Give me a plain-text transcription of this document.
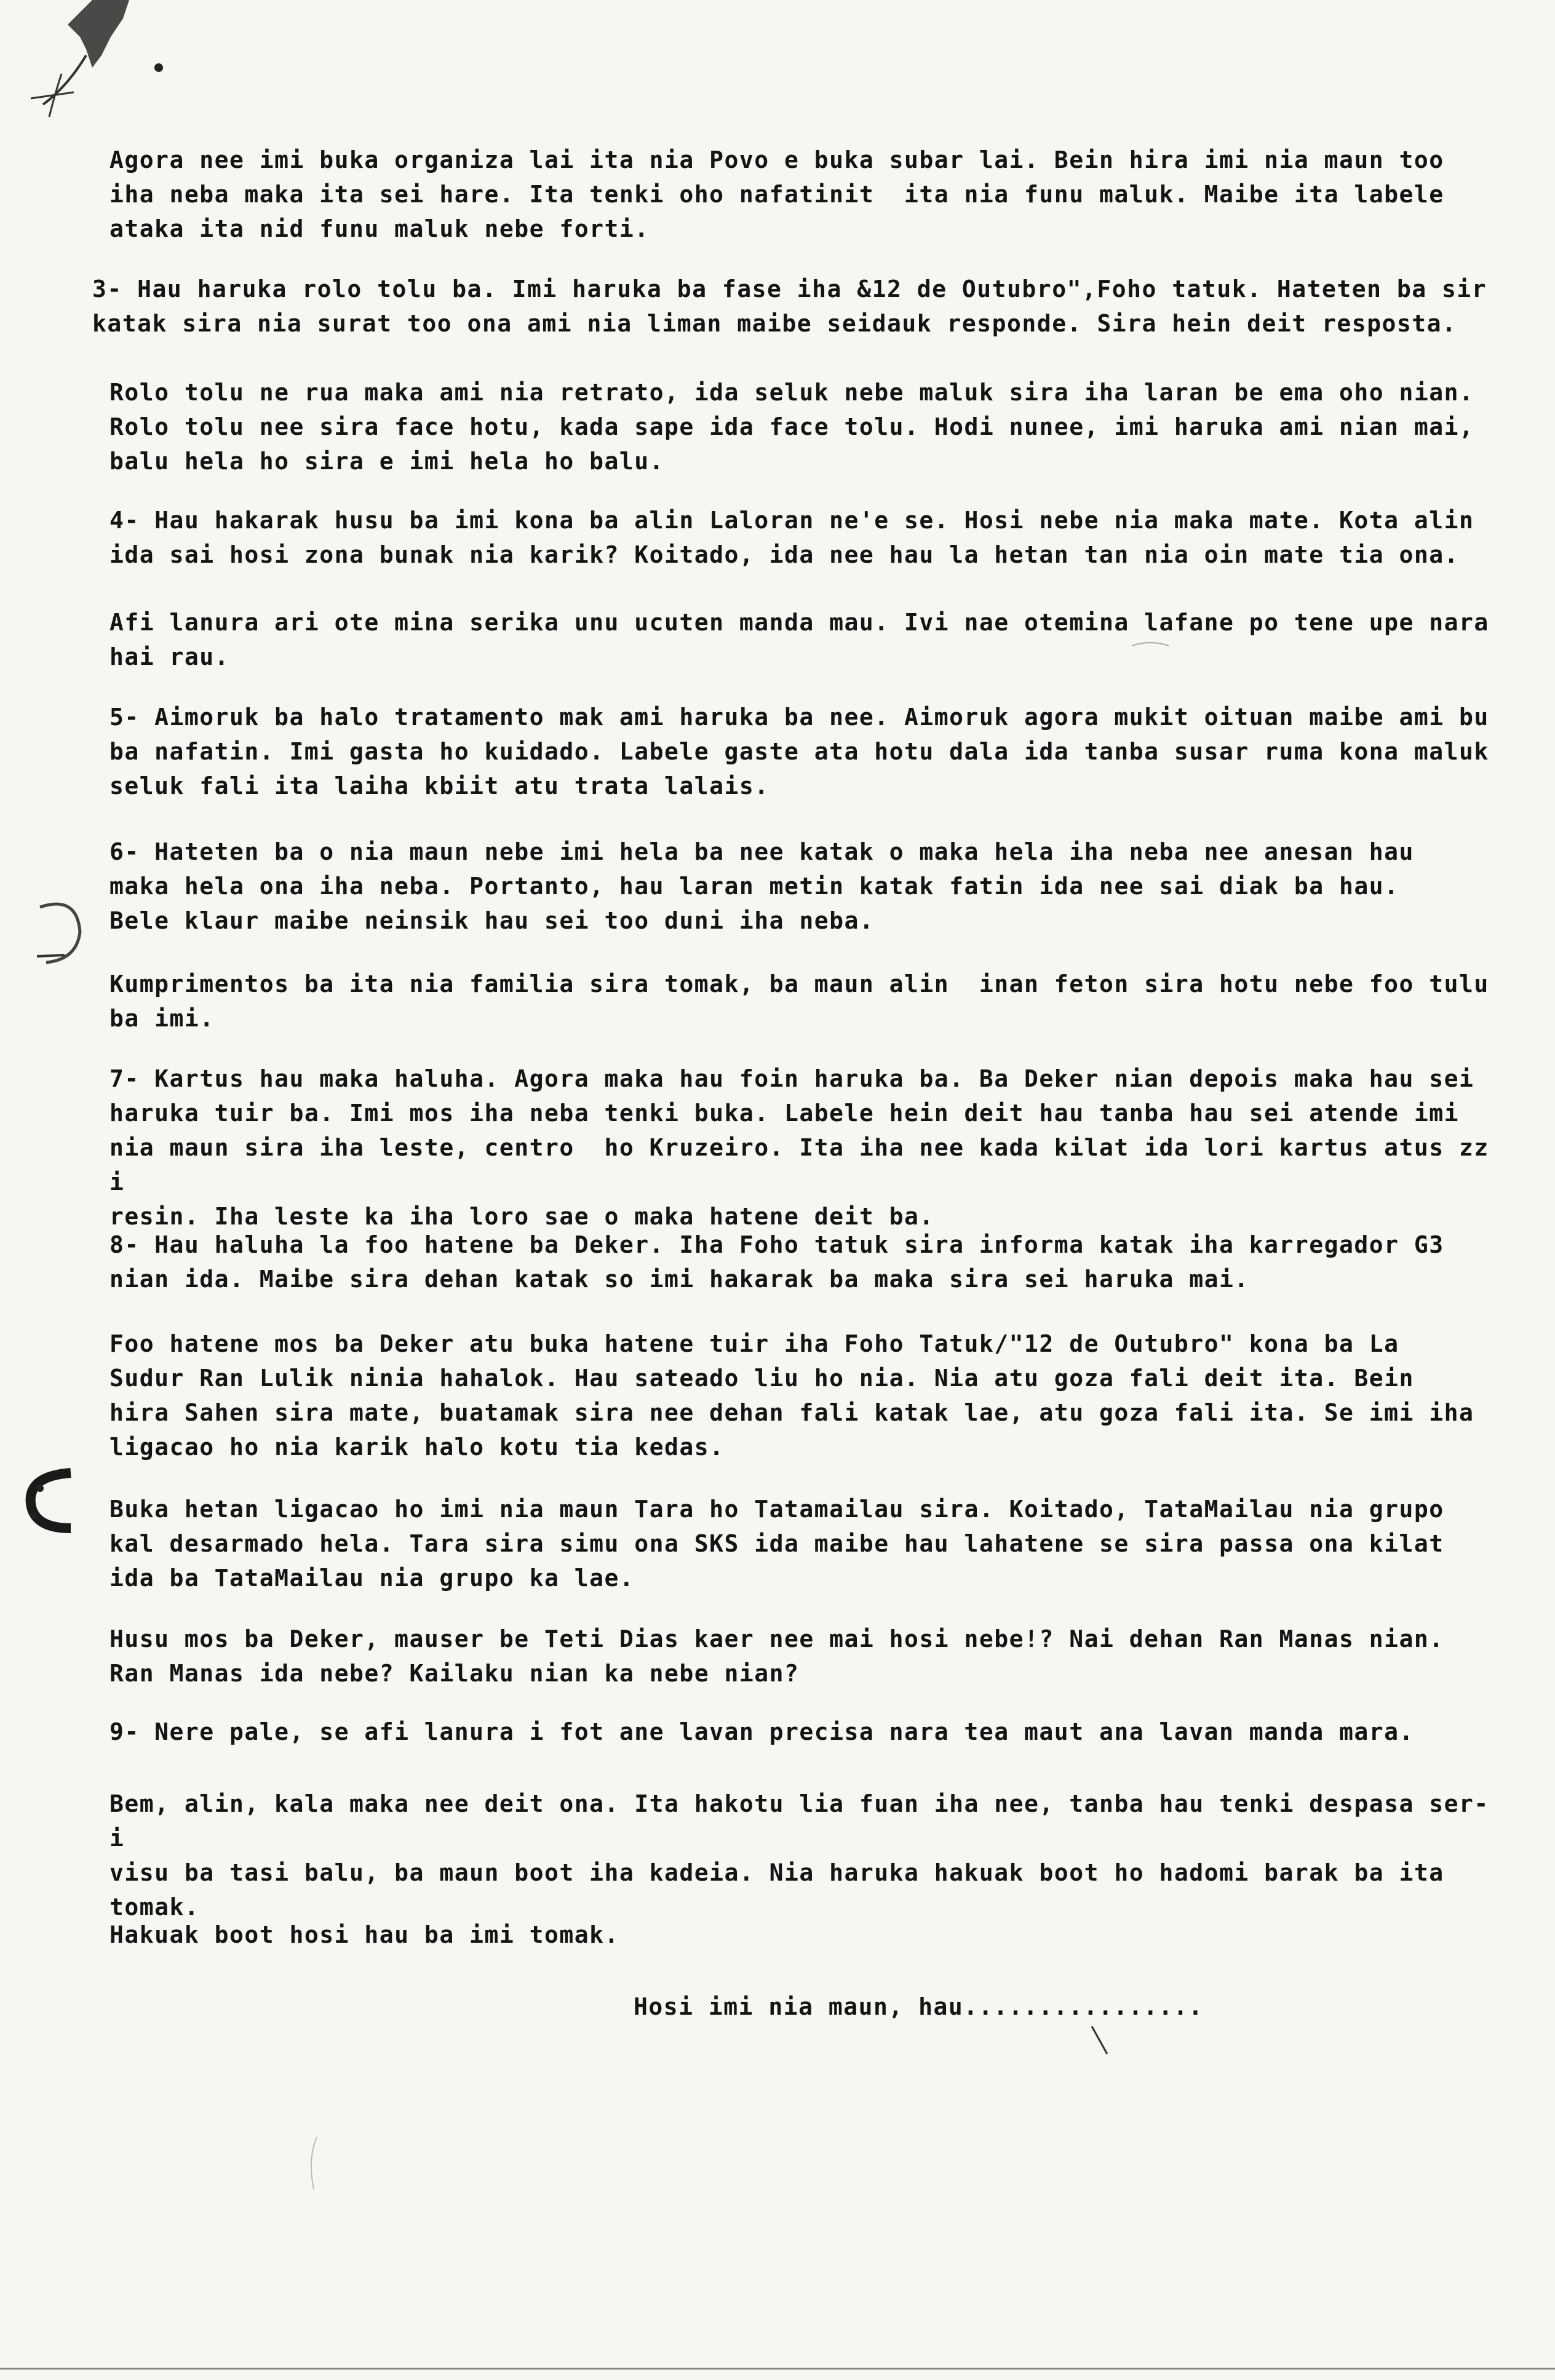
Agora nee imi buka organiza lai ita nia Povo e buka subar lai. Bein hira imi nia maun too
iha neba maka ita sei hare. Ita tenki oho nafatinit  ita nia funu maluk. Maibe ita labele
ataka ita nid funu maluk nebe forti.
3- Hau haruka rolo tolu ba. Imi haruka ba fase iha &12 de Outubro",Foho tatuk. Hateten ba sir
katak sira nia surat too ona ami nia liman maibe seidauk responde. Sira hein deit resposta.
Rolo tolu ne rua maka ami nia retrato, ida seluk nebe maluk sira iha laran be ema oho nian.
Rolo tolu nee sira face hotu, kada sape ida face tolu. Hodi nunee, imi haruka ami nian mai,
balu hela ho sira e imi hela ho balu.
4- Hau hakarak husu ba imi kona ba alin Laloran ne'e se. Hosi nebe nia maka mate. Kota alin
ida sai hosi zona bunak nia karik? Koitado, ida nee hau la hetan tan nia oin mate tia ona.
Afi lanura ari ote mina serika unu ucuten manda mau. Ivi nae otemina lafane po tene upe nara
hai rau.
5- Aimoruk ba halo tratamento mak ami haruka ba nee. Aimoruk agora mukit oituan maibe ami bu
ba nafatin. Imi gasta ho kuidado. Labele gaste ata hotu dala ida tanba susar ruma kona maluk
seluk fali ita laiha kbiit atu trata lalais.
6- Hateten ba o nia maun nebe imi hela ba nee katak o maka hela iha neba nee anesan hau
maka hela ona iha neba. Portanto, hau laran metin katak fatin ida nee sai diak ba hau.
Bele klaur maibe neinsik hau sei too duni iha neba.
Kumprimentos ba ita nia familia sira tomak, ba maun alin  inan feton sira hotu nebe foo tulu
ba imi.
7- Kartus hau maka haluha. Agora maka hau foin haruka ba. Ba Deker nian depois maka hau sei
haruka tuir ba. Imi mos iha neba tenki buka. Labele hein deit hau tanba hau sei atende imi
nia maun sira iha leste, centro  ho Kruzeiro. Ita iha nee kada kilat ida lori kartus atus zz i
resin. Iha leste ka iha loro sae o maka hatene deit ba.
8- Hau haluha la foo hatene ba Deker. Iha Foho tatuk sira informa katak iha karregador G3
nian ida. Maibe sira dehan katak so imi hakarak ba maka sira sei haruka mai.
Foo hatene mos ba Deker atu buka hatene tuir iha Foho Tatuk/"12 de Outubro" kona ba La
Sudur Ran Lulik ninia hahalok. Hau sateado liu ho nia. Nia atu goza fali deit ita. Bein
hira Sahen sira mate, buatamak sira nee dehan fali katak lae, atu goza fali ita. Se imi iha
ligacao ho nia karik halo kotu tia kedas.
Buka hetan ligacao ho imi nia maun Tara ho Tatamailau sira. Koitado, TataMailau nia grupo
kal desarmado hela. Tara sira simu ona SKS ida maibe hau lahatene se sira passa ona kilat
ida ba TataMailau nia grupo ka lae.
Husu mos ba Deker, mauser be Teti Dias kaer nee mai hosi nebe!? Nai dehan Ran Manas nian.
Ran Manas ida nebe? Kailaku nian ka nebe nian?
9- Nere pale, se afi lanura i fot ane lavan precisa nara tea maut ana lavan manda mara.
Bem, alin, kala maka nee deit ona. Ita hakotu lia fuan iha nee, tanba hau tenki despasa ser- i
visu ba tasi balu, ba maun boot iha kadeia. Nia haruka hakuak boot ho hadomi barak ba ita
tomak.
Hakuak boot hosi hau ba imi tomak.
Hosi imi nia maun, hau................
